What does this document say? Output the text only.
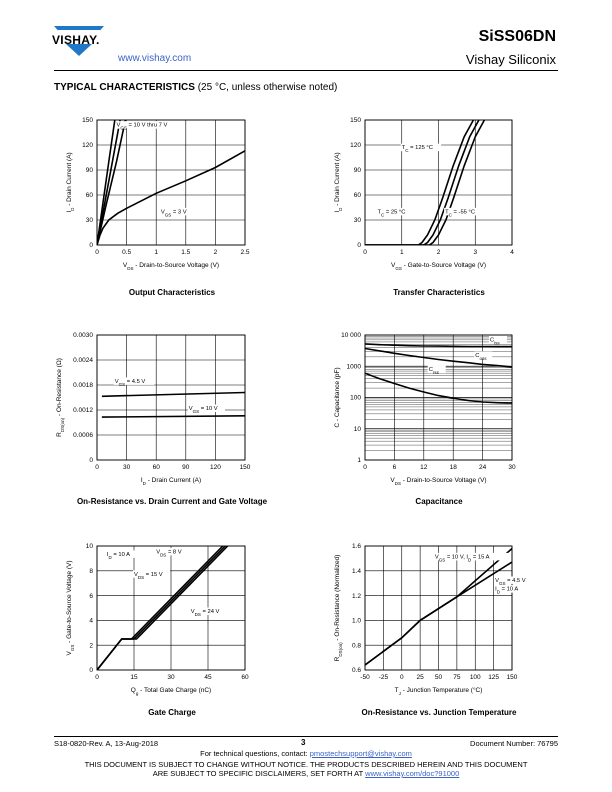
VISHAY.
www.vishay.com
SiSS06DN
Vishay Siliconix
TYPICAL CHARACTERISTICS (25 °C, unless otherwise noted)
0	0.5	1	1.5	2	2.5
0
30
60
90
120
150
$V_{DS}$ - Drain-to-Source Voltage (V)
$I_D$ - Drain Current (A)
$V_{GS} = 10$ V thru 7 V
$V_{GS} = 3$ V
0	1	2	3	4
0
30
60
90
120
150
$V_{GS}$ - Gate-to-Source Voltage (V)
$I_D$ - Drain Current (A)
$T_C = 125$ °C
$T_C = 25$ °C	$T_C = -55$ °C
0	30	60	90	120	150
0
0.0006
0.0012
0.0018
0.0024
0.0030
$I_D$ - Drain Current (A)
$R_{DS(on)}$ - On-Resistance (Ω)	$V_{GS} = 4.5$ V
$V_{GS} = 10$ V
0	6	12	18	24	30
1
10
100
1000
10 000
$V_{DS}$ - Drain-to-Source Voltage (V)
C - Capacitance (pF)
$C_{iss}$
$C_{oss}$
$C_{rss}$
0	15	30	45	60
0
2
4
6
8
10
$Q_g$ - Total Gate Charge (nC)
$V_{GS}$ - Gate-to-Source Voltage (V)
$I_D = 10$ A	$V_{DS} = 8$ V
$V_{DS} = 15$ V
$V_{DS} = 24$ V
-50 -25 0 25 50 75 100 125 150
0.6
0.8
1.0
1.2
1.4
1.6
$T_J$ - Junction Temperature (°C)
$R_{DS(on)}$ - On-Resistance (Normalized)	$V_{GS} = 10$ V, $I_D = 15$ A
$V_{GS} = 4.5$ V
$I_D = 10$ A
Output Characteristics	Transfer Characteristics
On-Resistance vs. Drain Current and Gate Voltage	Capacitance
Gate Charge	On-Resistance vs. Junction Temperature
S18-0820-Rev. A, 13-Aug-2018	3	Document Number: 76795
For technical questions, contact: pmostechsupport@vishay.com
THIS DOCUMENT IS SUBJECT TO CHANGE WITHOUT NOTICE. THE PRODUCTS DESCRIBED HEREIN AND THIS DOCUMENT
ARE SUBJECT TO SPECIFIC DISCLAIMERS, SET FORTH AT www.vishay.com/doc?91000
